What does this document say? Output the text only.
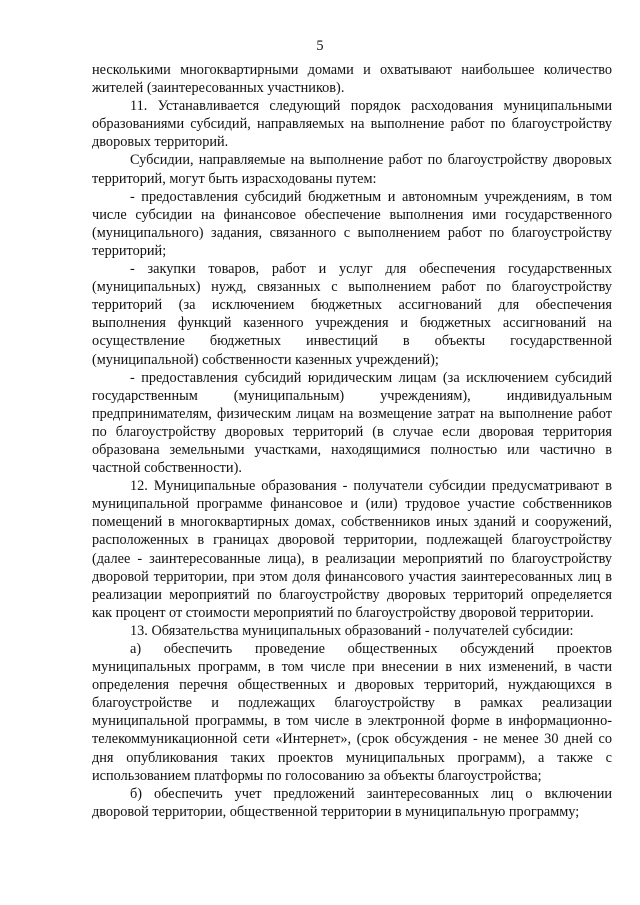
5

несколькими многоквартирными домами и охватывают наибольшее количество жителей (заинтересованных участников).

11. Устанавливается следующий порядок расходования муниципальными образованиями субсидий, направляемых на выполнение работ по благоустройству дворовых территорий.

Субсидии, направляемые на выполнение работ по благоустройству дворовых территорий, могут быть израсходованы путем:

- предоставления субсидий бюджетным и автономным учреждениям, в том числе субсидии на финансовое обеспечение выполнения ими государственного (муниципального) задания, связанного с выполнением работ по благоустройству территорий;

- закупки товаров, работ и услуг для обеспечения государственных (муниципальных) нужд, связанных с выполнением работ по благоустройству территорий (за исключением бюджетных ассигнований для обеспечения выполнения функций казенного учреждения и бюджетных ассигнований на осуществление бюджетных инвестиций в объекты государственной (муниципальной) собственности казенных учреждений);

- предоставления субсидий юридическим лицам (за исключением субсидий государственным (муниципальным) учреждениям), индивидуальным предпринимателям, физическим лицам на возмещение затрат на выполнение работ по благоустройству дворовых территорий (в случае если дворовая территория образована земельными участками, находящимися полностью или частично в частной собственности).

12. Муниципальные образования - получатели субсидии предусматривают в муниципальной программе финансовое и (или) трудовое участие собственников помещений в многоквартирных домах, собственников иных зданий и сооружений, расположенных в границах дворовой территории, подлежащей благоустройству (далее - заинтересованные лица), в реализации мероприятий по благоустройству дворовой территории, при этом доля финансового участия заинтересованных лиц в реализации мероприятий по благоустройству дворовых территорий определяется как процент от стоимости мероприятий по благоустройству дворовой территории.

13. Обязательства муниципальных образований - получателей субсидии:

а) обеспечить проведение общественных обсуждений проектов муниципальных программ, в том числе при внесении в них изменений, в части определения перечня общественных и дворовых территорий, нуждающихся в благоустройстве и подлежащих благоустройству в рамках реализации муниципальной программы, в том числе в электронной форме в информационно-телекоммуникационной сети «Интернет», (срок обсуждения - не менее 30 дней со дня опубликования таких проектов муниципальных программ), а также с использованием платформы по голосованию за объекты благоустройства;

б) обеспечить учет предложений заинтересованных лиц о включении дворовой территории, общественной территории в муниципальную программу;
